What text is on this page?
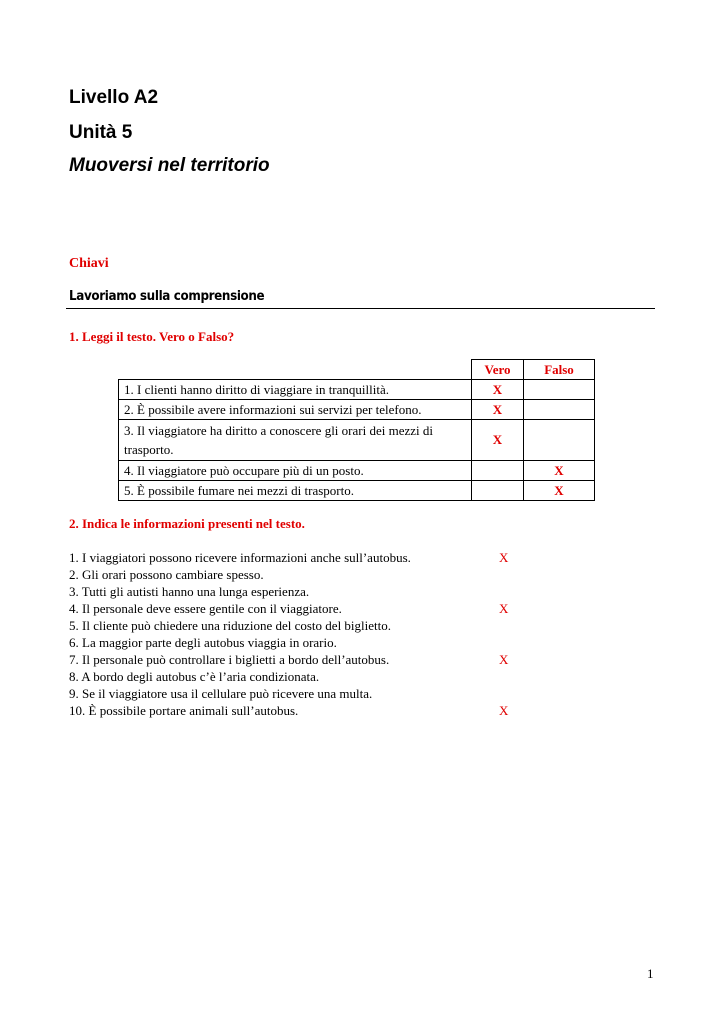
Livello A2
Unità 5
Muoversi nel territorio

Chiavi

Lavoriamo sulla comprensione

1. Leggi il testo. Vero o Falso?

	Vero	Falso
1. I clienti hanno diritto di viaggiare in tranquillità.	X	
2. È possibile avere informazioni sui servizi per telefono.	X	
3. Il viaggiatore ha diritto a conoscere gli orari dei mezzi di trasporto.	X	
4. Il viaggiatore può occupare più di un posto.		X
5. È possibile fumare nei mezzi di trasporto.		X

2. Indica le informazioni presenti nel testo.

1. I viaggiatori possono ricevere informazioni anche sull’autobus.	X
2. Gli orari possono cambiare spesso.
3. Tutti gli autisti hanno una lunga esperienza.
4. Il personale deve essere gentile con il viaggiatore.	X
5. Il cliente può chiedere una riduzione del costo del biglietto.
6. La maggior parte degli autobus viaggia in orario.
7. Il personale può controllare i biglietti a bordo dell’autobus.	X
8. A bordo degli autobus c’è l’aria condizionata.
9. Se il viaggiatore usa il cellulare può ricevere una multa.
10. È possibile portare animali sull’autobus.	X
1
